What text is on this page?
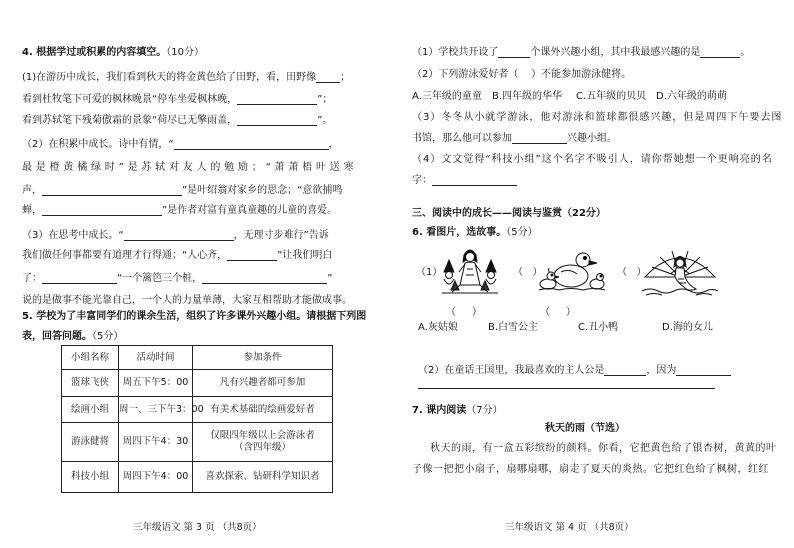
4. 根据学过或积累的内容填空。（10分）
(1)在游历中成长，我们看到秋天的将金黄色给了田野，看，田野像 ；
看到杜牧笔下可爱的枫林晚景“停车坐爱枫林晚，	”；
看到苏轼笔下残菊傲霜的景象“荷尽已无擎雨盖，	”。
（2）在积累中成长。诗中有情，“	，
最是橙黄橘绿时”是苏轼对友人的勉励；“萧萧梧叶送寒
声，	”是叶绍翁对家乡的思念；“意欲捕鸣
蝉，	”是作者对富有童真童趣的儿童的喜爱。
（3）在思考中成长。“	，无理寸步难行”告诉
我们做任何事都要有道理才行得通；“人心齐，	”让我们明白
了：	“一个篱笆三个桩，	”
说的是做事不能光靠自己，一个人的力量单薄，大家互相帮助才能做成事。
5. 学校为了丰富同学们的课余生活，组织了许多课外兴趣小组。请根据下列图
表，回答问题。（5分）
小组名称	活动时间	参加条件
篮球飞侠	周五下午5：00	凡有兴趣者都可参加
绘画小组	周一、三下午3：00	有美术基础的绘画爱好者
游泳健将	周四下午4：30	仅限四年级以上会游泳者
（含四年级）

科技小组	周四下午4：00	喜欢探索、钻研科学知识者
三年级语文 第 3 页 （共8页）
（1）学校共开设了	个课外兴趣小组，其中我最感兴趣的是	。
（2）下列游泳爱好者（    ）不能参加游泳健将。
A.三年级的童童 B.四年级的华华 C.五年级的贝贝 D.六年级的萌萌
（3）冬冬从小就学游泳，他对游泳和篮球都很感兴趣，但是周四下午要去图
书馆，那么他可以参加	兴趣小组。
（4）文文觉得“科技小组”这个名字不吸引人，请你帮她想一个更响亮的名
字：
三、阅读中的成长——阅读与鉴赏（22分）
6. 看图片，选故事。（5分）
（1）	（   ）	（   ）
（     ）	（     ）
A.灰姑娘	B.白雪公主	C.丑小鸭	D.海的女儿
（2）在童话王国里，我最喜欢的主人公是	，因为
7. 课内阅读（7分）
秋天的雨（节选）
秋天的雨，有一盒五彩缤纷的颜料。你看，它把黄色给了银杏树，黄黄的叶
子像一把把小扇子，扇哪扇哪，扇走了夏天的炎热。它把红色给了枫树，红红
三年级语文 第 4 页 （共8页）
